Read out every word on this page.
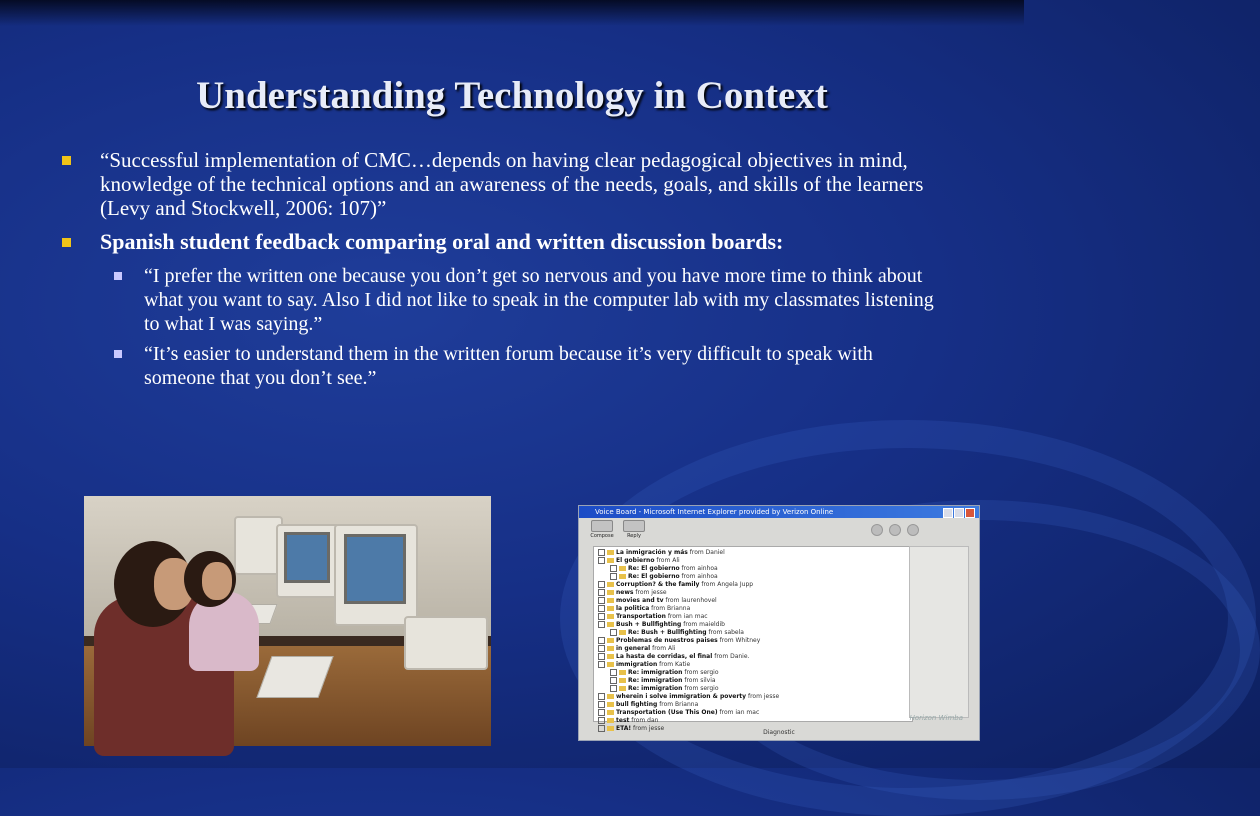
Understanding Technology in Context
“Successful implementation of CMC…depends on having clear pedagogical objectives in mind, knowledge of the technical options and an awareness of the needs, goals, and skills of the learners (Levy and Stockwell, 2006: 107)”
Spanish student feedback comparing oral and written discussion boards:
“I prefer the written one because you don’t get so nervous and you have more time to think about what you want to say. Also I did not like to speak in the computer lab with my classmates listening to what I was saying.”
“It’s easier to understand them in the written forum because it’s very difficult to speak with someone that you don’t see.”
Voice Board - Microsoft Internet Explorer provided by Verizon Online
Compose	Reply
La inmigración y más from Daniel
El gobierno from Ali
Re: El gobierno from ainhoa
Re: El gobierno from ainhoa
Corruption? & the family from Angela Jupp
news from jesse
movies and tv from laurenhovel
la politica from Brianna
Transportation from ian mac
Bush + Bullfighting from maieldib
Re: Bush + Bullfighting from sabela
Problemas de nuestros paises from Whitney
in general from Ali
La hasta de corridas, el final from Danie.
immigration from Katie
Re: immigration from sergio
Re: immigration from silvia
Re: immigration from sergio
wherein i solve immigration & poverty from jesse
bull fighting from Brianna
Transportation (Use This One) from ian mac
test from dan
ETA! from jesse
Horizon Wimba
Diagnostic
